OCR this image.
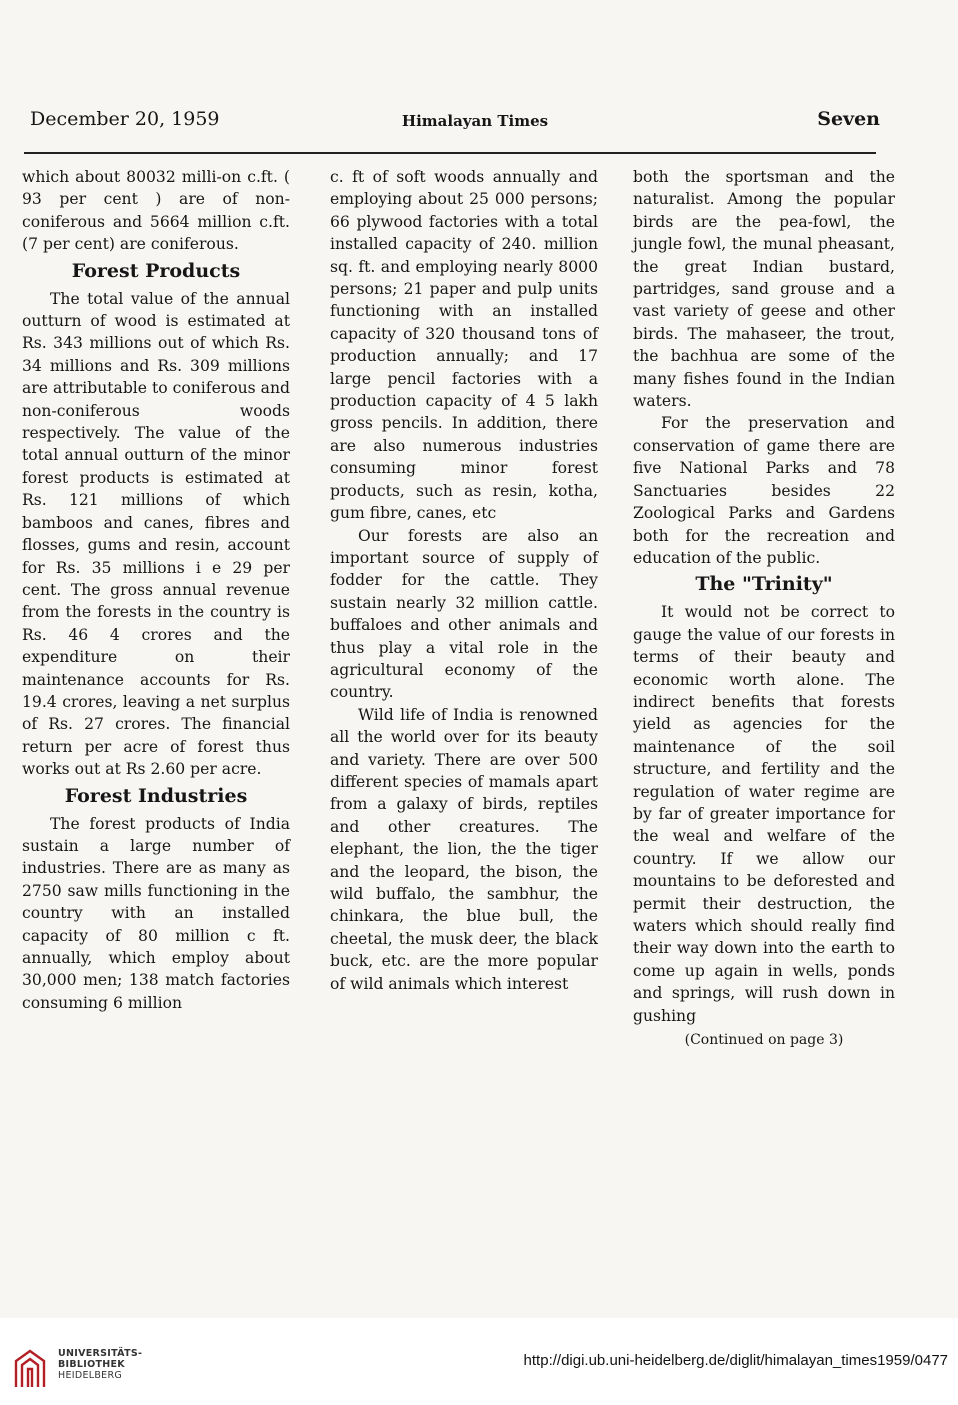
December 20, 1959	Himalayan Times	Seven

which about 80032 milli-on c.ft. ( 93 per cent ) are of non-coniferous and 5664 million c.ft. (7 per cent) are coniferous.

Forest Products

The total value of the annual outturn of wood is estimated at Rs. 343 millions out of which Rs. 34 millions and Rs. 309 millions are attributable to coniferous and non-coniferous woods respectively. The value of the total annual outturn of the minor forest products is estimated at Rs. 121 millions of which bamboos and canes, fibres and flosses, gums and resin, account for Rs. 35 millions i e 29 per cent. The gross annual revenue from the forests in the country is Rs. 46 4 crores and the expenditure on their maintenance accounts for Rs. 19.4 crores, leaving a net surplus of Rs. 27 crores. The financial return per acre of forest thus works out at Rs 2.60 per acre.

Forest Industries

The forest products of India sustain a large number of industries. There are as many as 2750 saw mills functioning in the country with an installed capacity of 80 million c ft. annually, which employ about 30,000 men; 138 match factories consuming 6 million

c. ft of soft woods annually and employing about 25 000 persons; 66 plywood factories with a total installed capacity of 240. million sq. ft. and employing nearly 8000 persons; 21 paper and pulp units functioning with an installed capacity of 320 thousand tons of production annually; and 17 large pencil factories with a production capacity of 4 5 lakh gross pencils. In addition, there are also numerous industries consuming minor forest products, such as resin, kotha, gum fibre, canes, etc

Our forests are also an important source of supply of fodder for the cattle. They sustain nearly 32 million cattle. buffaloes and other animals and thus play a vital role in the agricultural economy of the country.

Wild life of India is renowned all the world over for its beauty and variety. There are over 500 different species of mamals apart from a galaxy of birds, reptiles and other creatures. The elephant, the lion, the the tiger and the leopard, the bison, the wild buffalo, the sambhur, the chinkara, the blue bull, the cheetal, the musk deer, the black buck, etc. are the more popular of wild animals which interest

both the sportsman and the naturalist. Among the popular birds are the pea-fowl, the jungle fowl, the munal pheasant, the great Indian bustard, partridges, sand grouse and a vast variety of geese and other birds. The mahaseer, the trout, the bachhua are some of the many fishes found in the Indian waters.

For the preservation and conservation of game there are five National Parks and 78 Sanctuaries besides 22 Zoological Parks and Gardens both for the recreation and education of the public.

The "Trinity"

It would not be correct to gauge the value of our forests in terms of their beauty and economic worth alone. The indirect benefits that forests yield as agencies for the maintenance of the soil structure, and fertility and the regulation of water regime are by far of greater importance for the weal and welfare of the country. If we allow our mountains to be deforested and permit their destruction, the waters which should really find their way down into the earth to come up again in wells, ponds and springs, will rush down in gushing

(Continued on page 3)

UNIVERSITÄTS-
BIBLIOTHEK
HEIDELBERG
http://digi.ub.uni-heidelberg.de/diglit/himalayan_times1959/0477
